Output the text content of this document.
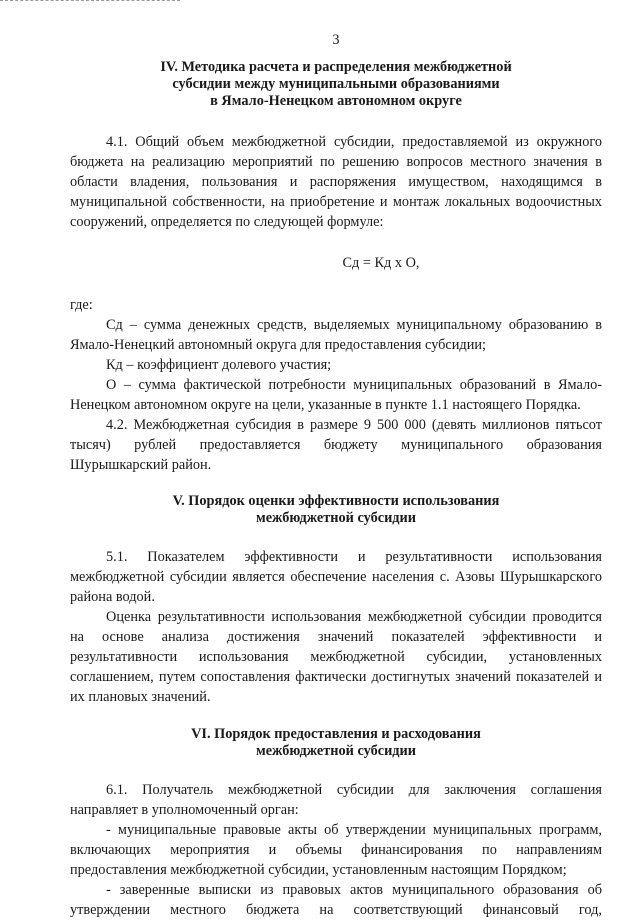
3
IV. Методика расчета и распределения межбюджетной
субсидии между муниципальными образованиями
в Ямало-Ненецком автономном округе

4.1. Общий объем межбюджетной субсидии, предоставляемой из окружного бюджета на реализацию мероприятий по решению вопросов местного значения в области владения, пользования и распоряжения имуществом, находящимся в муниципальной собственности, на приобретение и монтаж локальных водоочистных сооружений, определяется по следующей формуле:

Сд = Кд х О,

где:

Сд – сумма денежных средств, выделяемых муниципальному образованию в Ямало-Ненецкий автономный округа для предоставления субсидии;

Кд – коэффициент долевого участия;

О – сумма фактической потребности муниципальных образований в Ямало-Ненецком автономном округе на цели, указанные в пункте 1.1 настоящего Порядка.

4.2. Межбюджетная субсидия в размере 9 500 000 (девять миллионов пятьсот тысяч) рублей предоставляется бюджету муниципального образования Шурышкарский район.

V. Порядок оценки эффективности использования
межбюджетной субсидии

5.1. Показателем эффективности и результативности использования межбюджетной субсидии является обеспечение населения с. Азовы Шурышкарского района водой.

Оценка результативности использования межбюджетной субсидии проводится на основе анализа достижения значений показателей эффективности и результативности использования межбюджетной субсидии, установленных соглашением, путем сопоставления фактически достигнутых значений показателей и их плановых значений.

VI. Порядок предоставления и расходования
межбюджетной субсидии

6.1. Получатель межбюджетной субсидии для заключения соглашения направляет в уполномоченный орган:

- муниципальные правовые акты об утверждении муниципальных программ, включающих мероприятия и объемы финансирования по направлениям предоставления межбюджетной субсидии, установленным настоящим Порядком;

- заверенные выписки из правовых актов муниципального образования об утверждении местного бюджета на соответствующий финансовый год,
